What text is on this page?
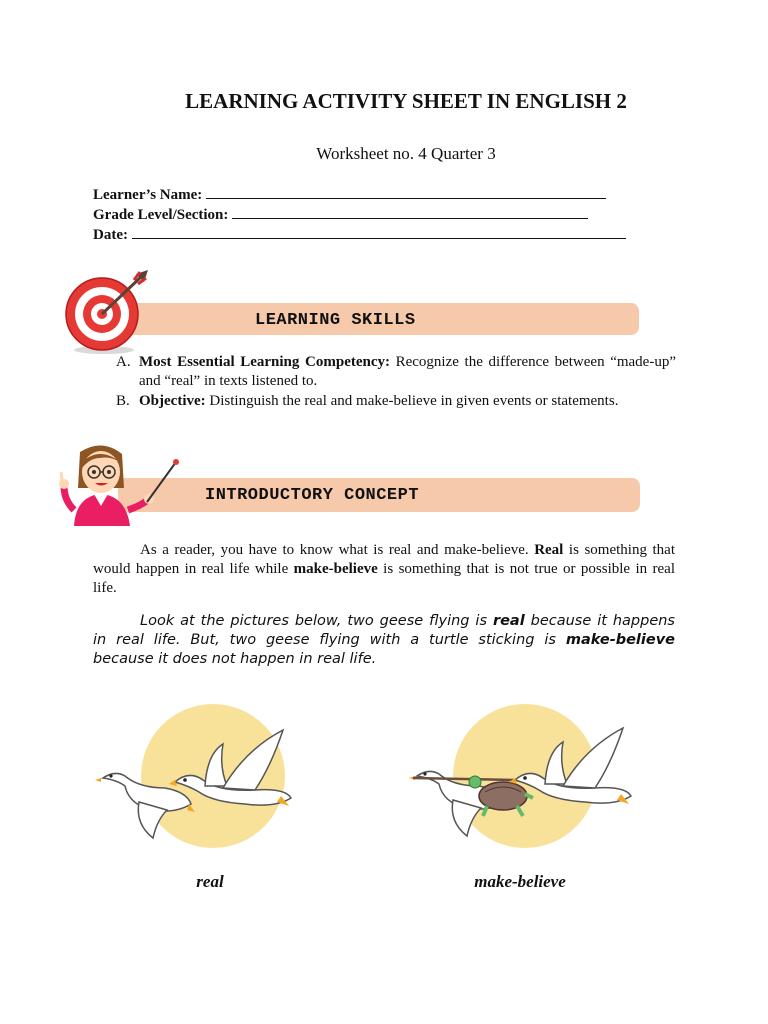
LEARNING ACTIVITY SHEET IN ENGLISH 2
Worksheet no. 4 Quarter 3
Learner’s Name:
Grade Level/Section:
Date:
LEARNING SKILLS
A. Most Essential Learning Competency: Recognize the difference between “made-up” and “real” in texts listened to.
B. Objective: Distinguish the real and make-believe in given events or statements.
INTRODUCTORY CONCEPT

As a reader, you have to know what is real and make-believe. Real is something that would happen in real life while make-believe is something that is not true or possible in real life.

Look at the pictures below, two geese flying is real because it happens in real life. But, two geese flying with a turtle sticking is make-believe because it does not happen in real life.

real	make-believe
